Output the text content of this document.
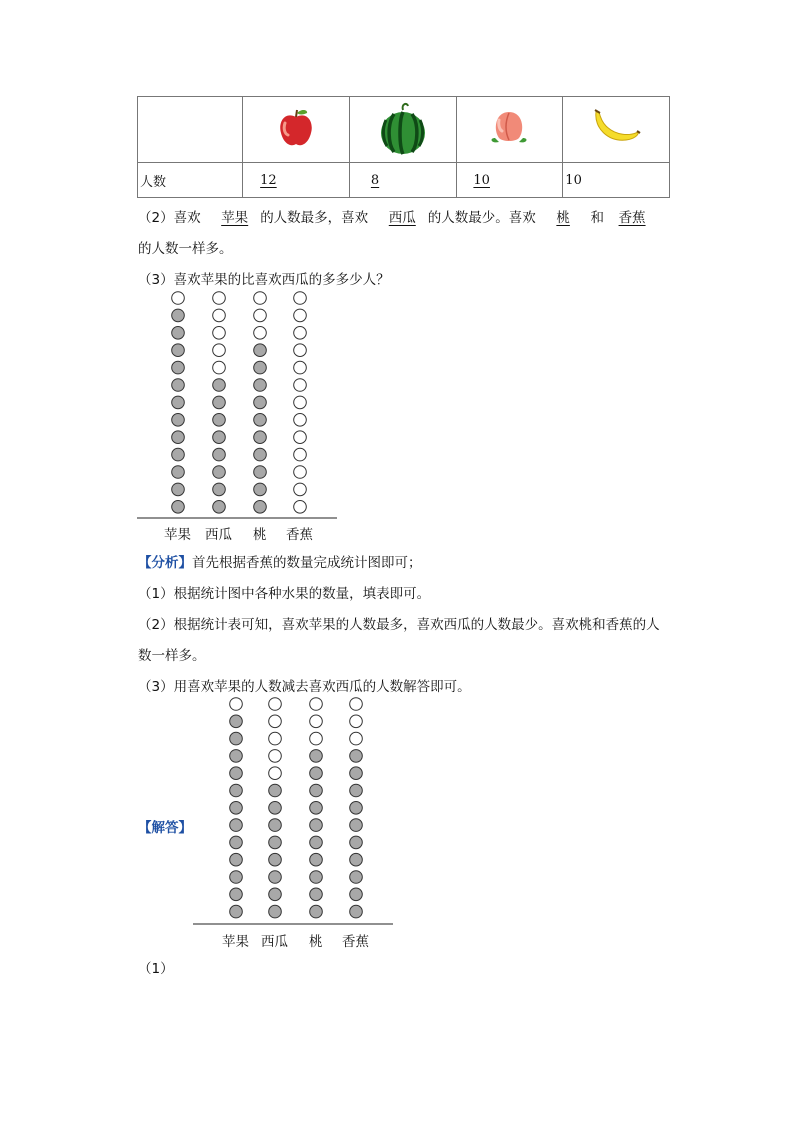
人数	12	8	10	10
（2）喜欢 苹果 的人数最多，喜欢 西瓜 的人数最少。喜欢 桃 和 香蕉
的人数一样多。
（3）喜欢苹果的比喜欢西瓜的多多少人？
苹果 西瓜 桃 香蕉
【分析】首先根据香蕉的数量完成统计图即可；
（1）根据统计图中各种水果的数量，填表即可。
（2）根据统计表可知，喜欢苹果的人数最多，喜欢西瓜的人数最少。喜欢桃和香蕉的人
数一样多。
（3）用喜欢苹果的人数减去喜欢西瓜的人数解答即可。
【解答】
苹果 西瓜 桃 香蕉
（1）
